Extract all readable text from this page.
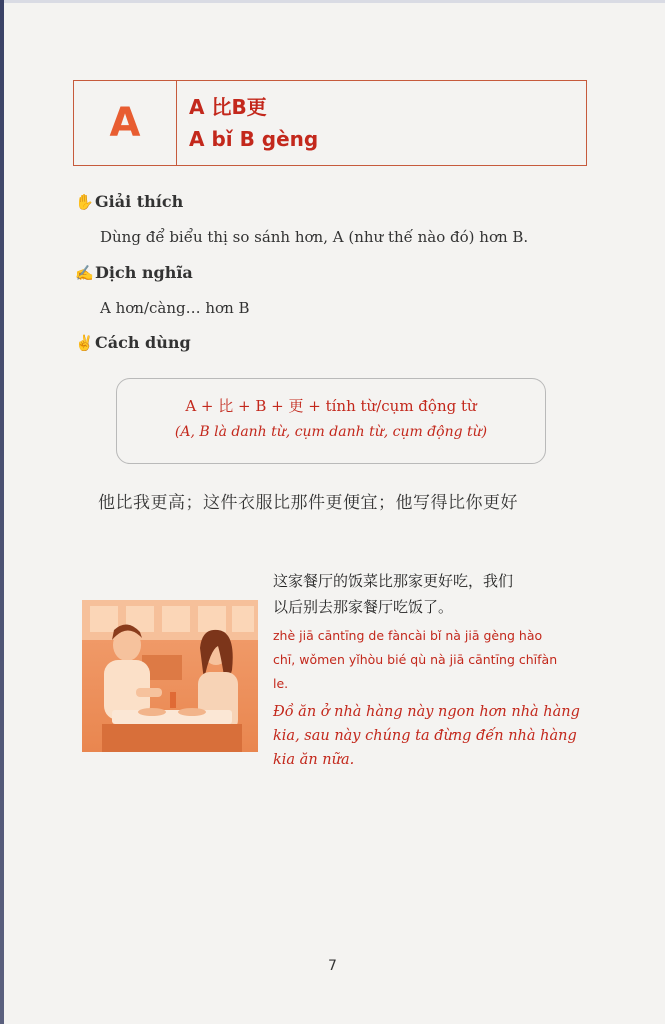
A A 比B更
A bǐ B gèng
✋ Giải thích
Dùng để biểu thị so sánh hơn, A (như thế nào đó) hơn B.
✍ Dịch nghĩa
A hơn/càng… hơn B
✌ Cách dùng
A + 比 + B + 更 + tính từ/cụm động từ
(A, B là danh từ, cụm danh từ, cụm động từ)
他比我更高；这件衣服比那件更便宜；他写得比你更好
这家餐厅的饭菜比那家更好吃，我们
以后别去那家餐厅吃饭了。
zhè jiā cāntīng de fàncài bǐ nà jiā gèng hào
chī, wǒmen yǐhòu bié qù nà jiā cāntīng chīfàn
le.
Đồ ăn ở nhà hàng này ngon hơn nhà hàng
kia, sau này chúng ta đừng đến nhà hàng
kia ăn nữa.
7
